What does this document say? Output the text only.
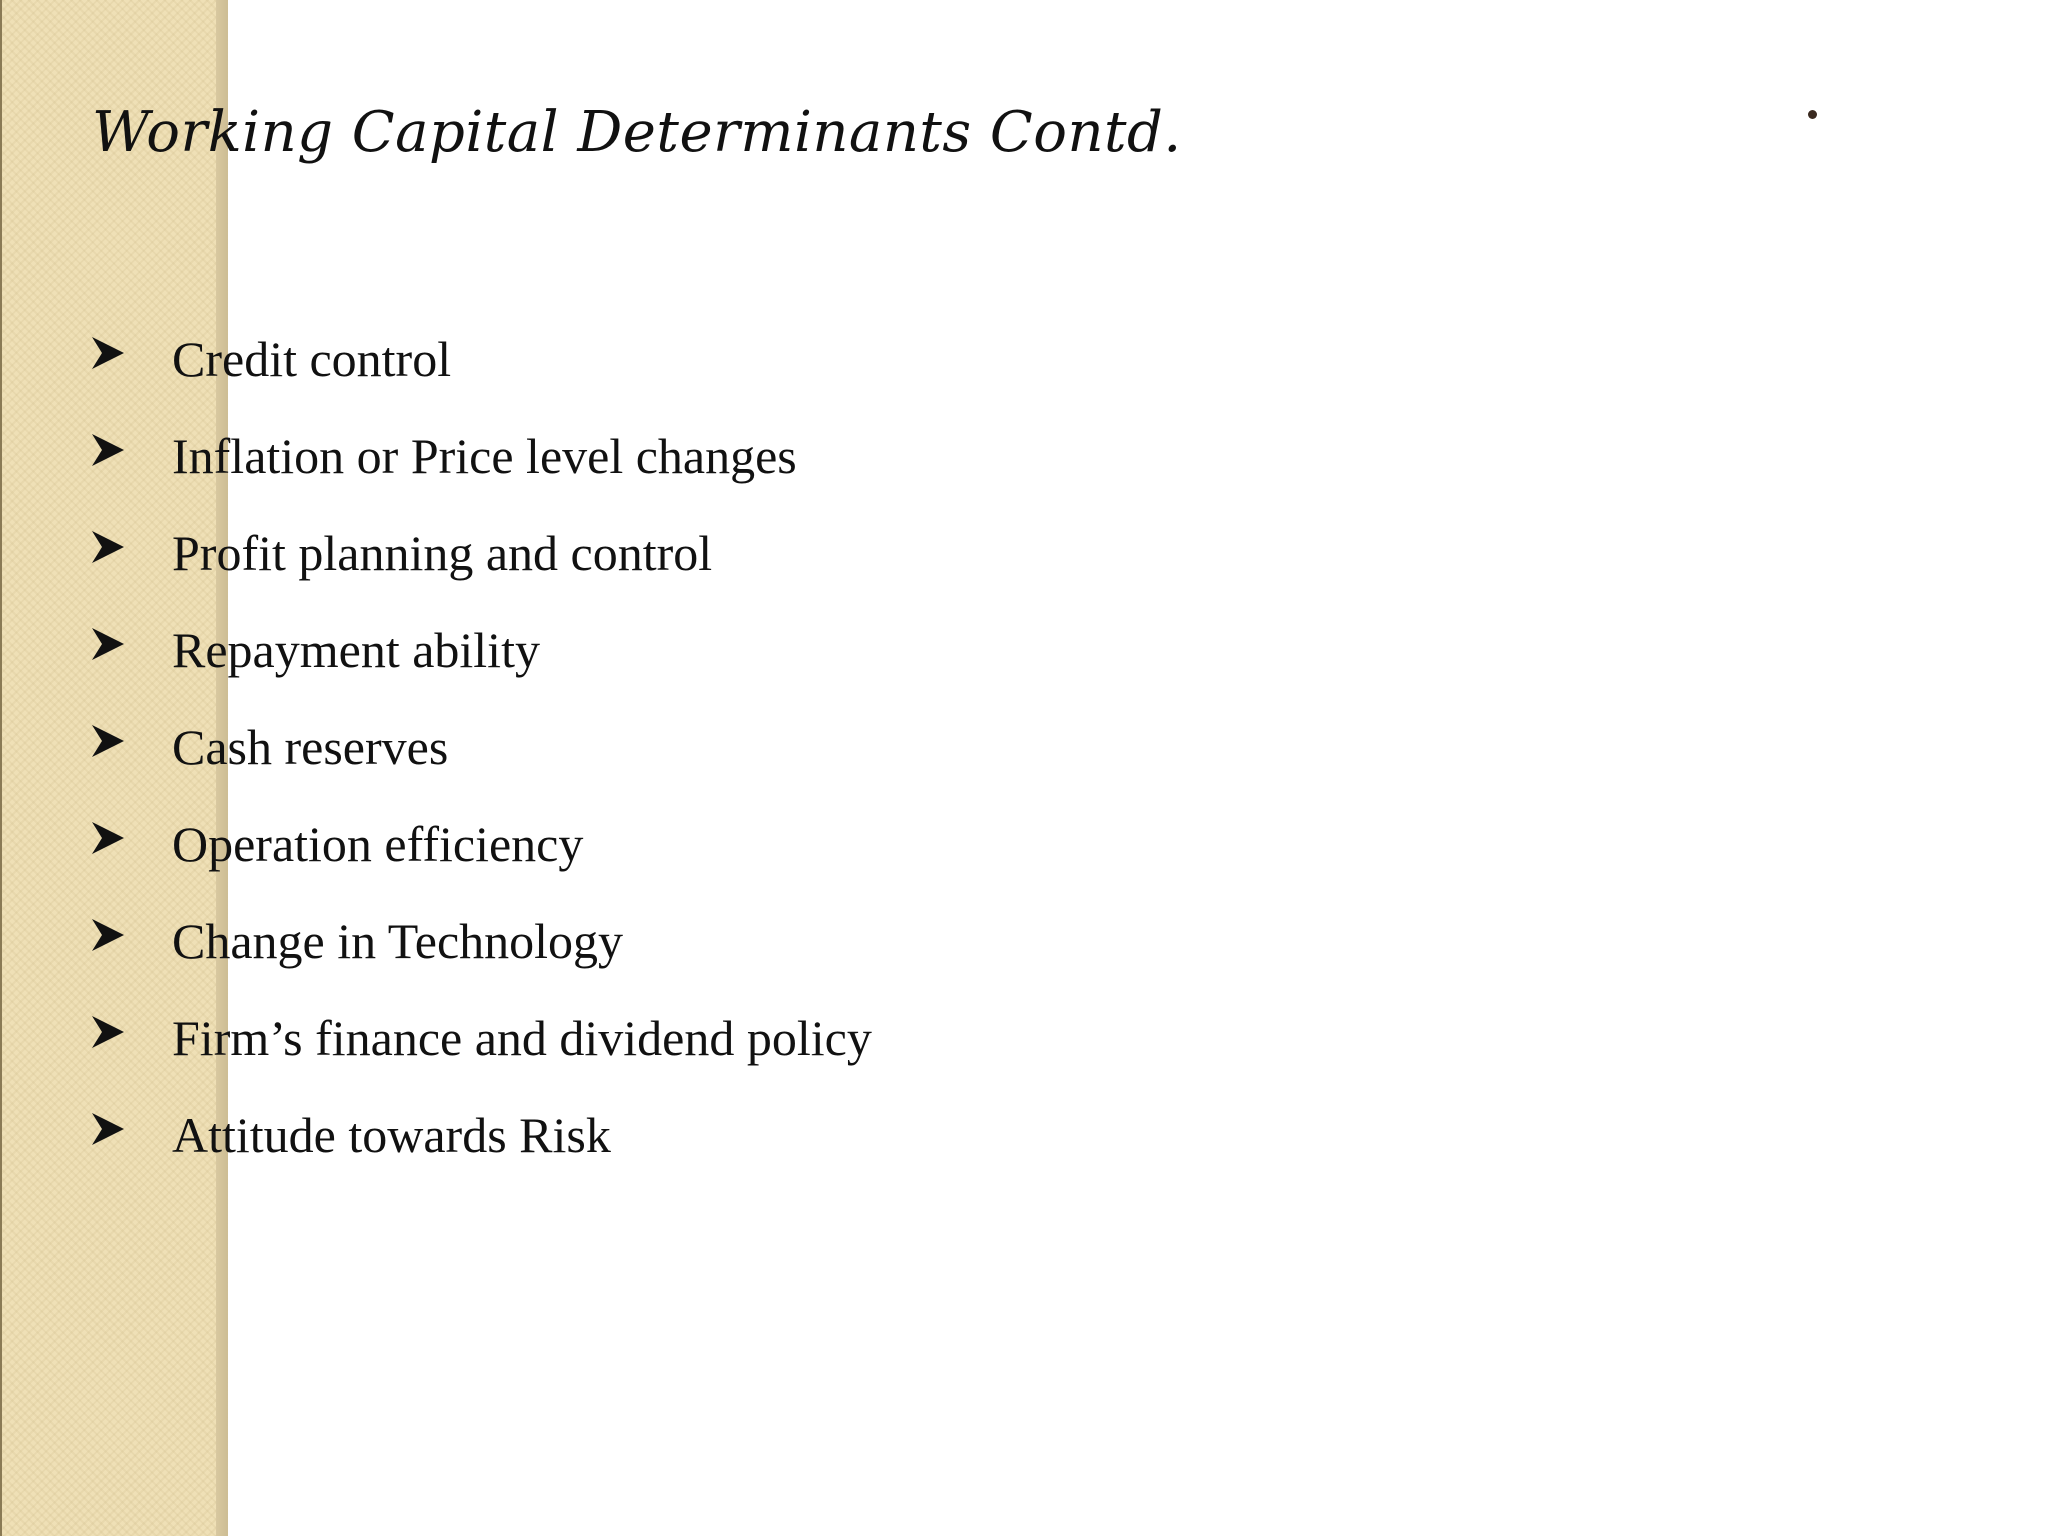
Working Capital Determinants Contd.
Credit control
Inflation or Price level changes
Profit planning and control
Repayment ability
Cash reserves
Operation efficiency
Change in Technology
Firm’s finance and dividend policy
Attitude towards Risk
